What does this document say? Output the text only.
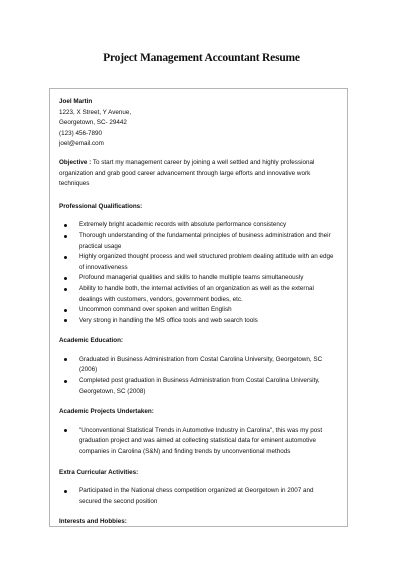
Project Management Accountant Resume
Joel Martin
1223, X Street, Y Avenue,
Georgetown, SC- 29442
(123) 456-7890
joel@email.com
Objective : To start my management career by joining a well settled and highly professional organization and grab good career advancement through large efforts and innovative work techniques
Professional Qualifications:
Extremely bright academic records with absolute performance consistency
Thorough understanding of the fundamental principles of business administration and their practical usage
Highly organized thought process and well structured problem dealing attitude with an edge of innovativeness
Profound managerial qualities and skills to handle multiple teams simultaneously
Ability to handle both, the internal activities of an organization as well as the external dealings with customers, vendors, government bodies, etc.
Uncommon command over spoken and written English
Very strong in handling the MS office tools and web search tools
Academic Education:
Graduated in Business Administration from Costal Carolina University, Georgetown, SC (2006)
Completed post graduation in Business Administration from Costal Carolina University, Georgetown, SC (2008)
Academic Projects Undertaken:
"Unconventional Statistical Trends in Automotive Industry in Carolina", this was my post graduation project and was aimed at collecting statistical data for eminent automotive companies in Carolina (S&N) and finding trends by unconventional methods
Extra Curricular Activities:
Participated in the National chess competition organized at Georgetown in 2007 and secured the second position
Interests and Hobbies:
